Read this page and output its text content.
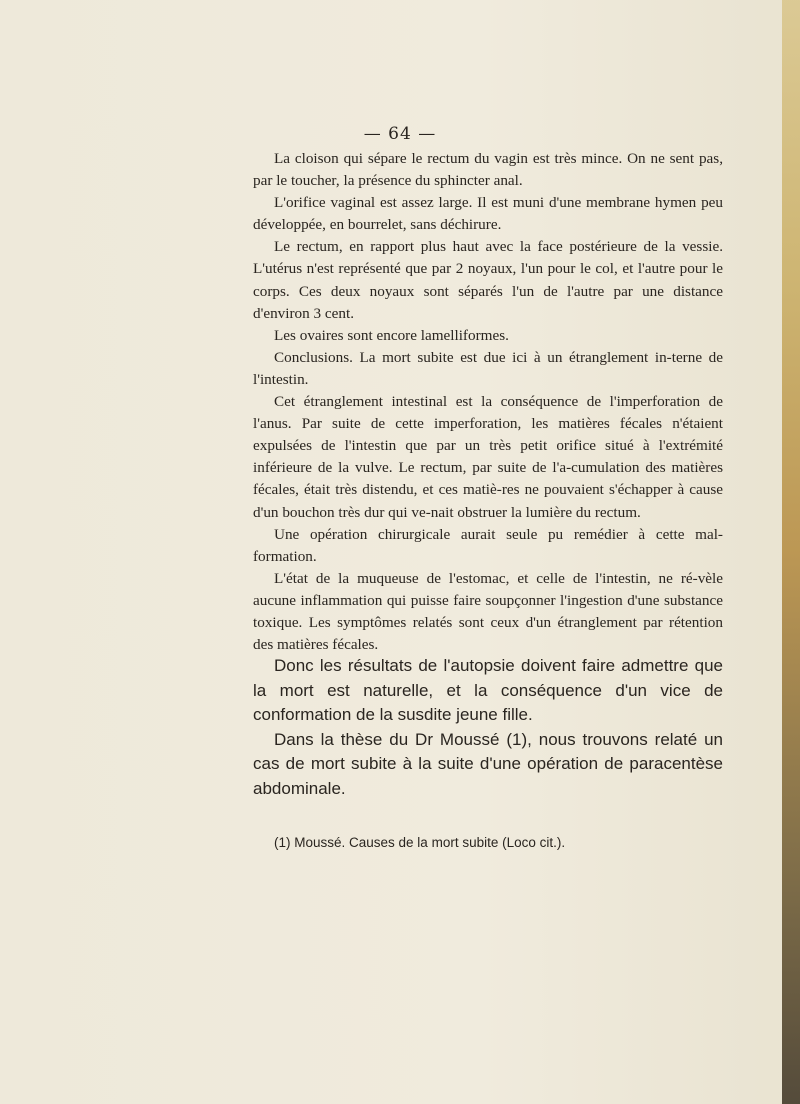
— 64 —

La cloison qui sépare le rectum du vagin est très mince. On ne sent pas, par le toucher, la présence du sphincter anal.

L'orifice vaginal est assez large. Il est muni d'une membrane hymen peu développée, en bourrelet, sans déchirure.

Le rectum, en rapport plus haut avec la face postérieure de la vessie. L'utérus n'est représenté que par 2 noyaux, l'un pour le col, et l'autre pour le corps. Ces deux noyaux sont séparés l'un de l'autre par une distance d'environ 3 cent.

Les ovaires sont encore lamelliformes.

Conclusions. La mort subite est due ici à un étranglement in-terne de l'intestin.

Cet étranglement intestinal est la conséquence de l'imperforation de l'anus. Par suite de cette imperforation, les matières fécales n'étaient expulsées de l'intestin que par un très petit orifice situé à l'extrémité inférieure de la vulve. Le rectum, par suite de l'a-cumulation des matières fécales, était très distendu, et ces matiè-res ne pouvaient s'échapper à cause d'un bouchon très dur qui ve-nait obstruer la lumière du rectum.

Une opération chirurgicale aurait seule pu remédier à cette mal-formation.

L'état de la muqueuse de l'estomac, et celle de l'intestin, ne ré-vèle aucune inflammation qui puisse faire soupçonner l'ingestion d'une substance toxique. Les symptômes relatés sont ceux d'un étranglement par rétention des matières fécales.

Donc les résultats de l'autopsie doivent faire admettre que la mort est naturelle, et la conséquence d'un vice de conformation de la susdite jeune fille.

Dans la thèse du Dr Moussé (1), nous trouvons relaté un cas de mort subite à la suite d'une opération de paracentèse abdominale.

(1) Moussé. Causes de la mort subite (Loco cit.).
